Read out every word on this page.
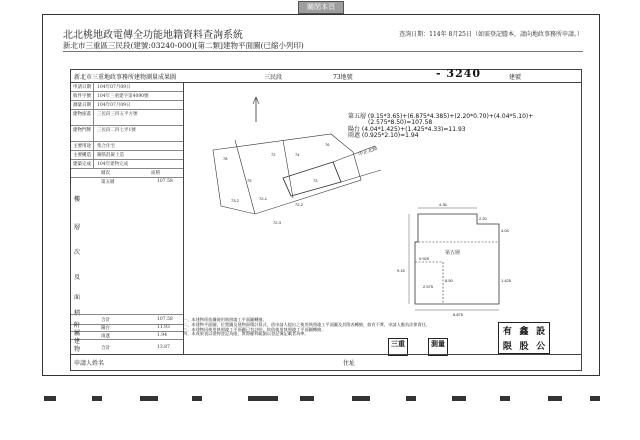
關閉本頁
北北桃地政電傳全功能地籍資料查詢系統
新北市三重區三民段(建號:03240-000)[第二類]建物平面圖(已縮小列印)
查詢日期：114年 8月25日（如需登記謄本，請向地政事務所申請。）
新北市三重地政事務所建物測量成果圖	三民段	73地號	- 3240	建號
申請日期 104年07月09日
收件字號 104年三重建字第4090號
測量日期 104年07月09日
建物座落 三民段三四五平方號
建物門牌 三民段二四七弄1號
主要用途 集合住宅
主要構造 鋼筋混凝土造
建築完成 104年建物完成
層次	面積
第五層	107.58
樓
層
次
及
面
積
合計	107.58
陽台	11.93
雨遮	1.94
合計	13.87
附
屬
建
物
72
73
74
76
72-1
72-2
72-3
73-2
75
78
中正北路
第五層
4.36
2.20
4.04
9.15
6.875
2.575
8.50	1.425
0.925
第五層 (9.15*3.65)+(6.875*4.385)+(2.20*0.70)+(4.04*5.10)+
(2.575*8.50)=107.58
陽台 (4.04*1.425)+(1.425*4.33)=11.93
雨遮 (0.925*2.10)=1.94
一、本建物係依據使用執照竣工平面圖轉繪。
二、本建物平面圖、位置圖及建物面積計算式，依申請人提出之使用執照竣工平面圖及其附表轉繪，如有不實，申請人應負法律責任。
三、本建物因使用執照竣工平面圖已有註明，故依使用執照竣工平面圖轉繪。
四、本成果表以建物登記為限，實際權利範圍以登記簿記載者為準。
三重	測量
有 鑫 設
限 股 公
申請人姓名	住址
